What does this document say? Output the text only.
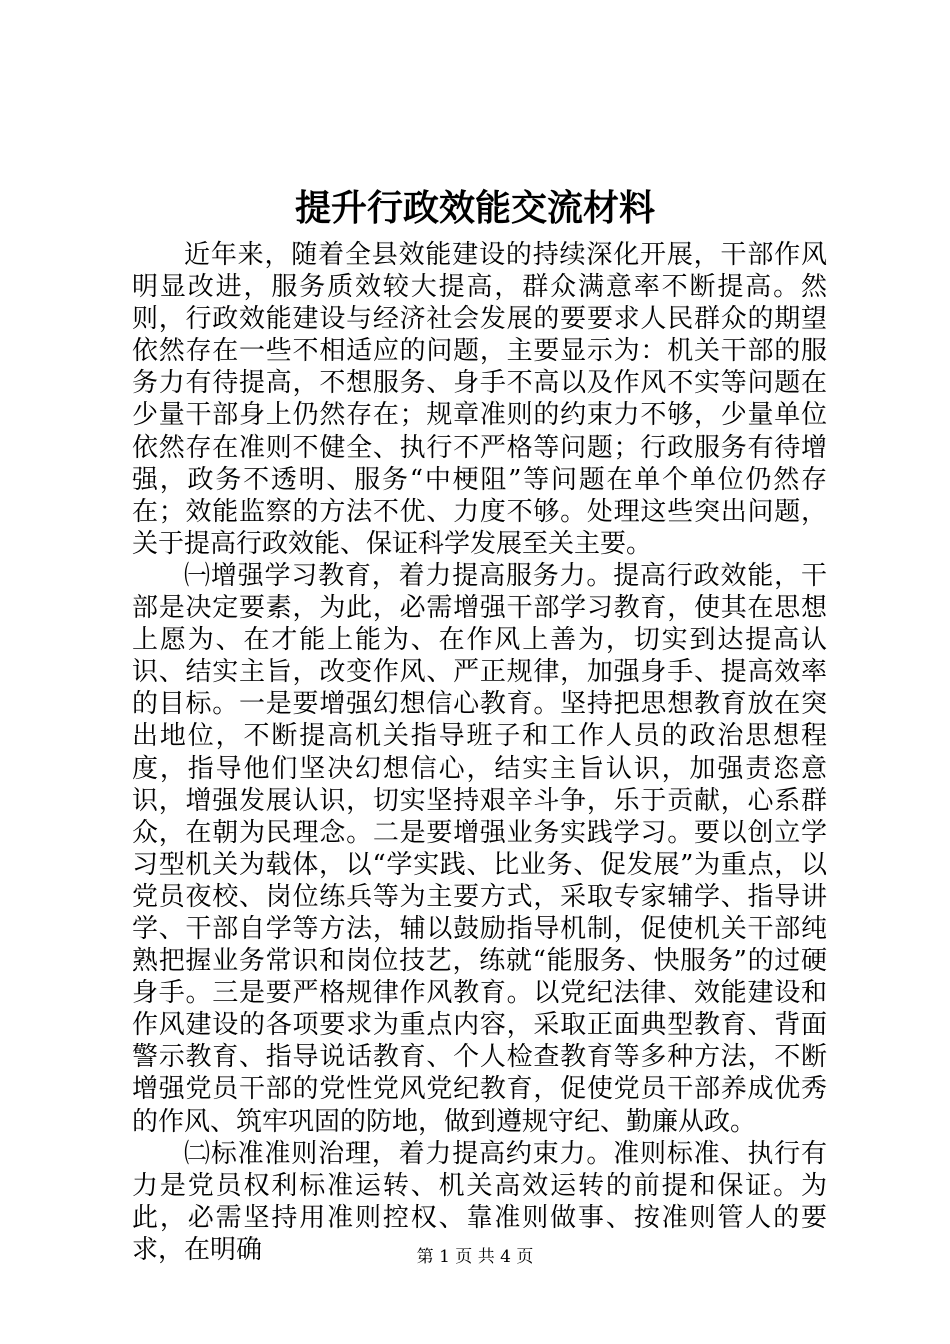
提升行政效能交流材料

近年来，随着全县效能建设的持续深化开展，干部作风明显改进，服务质效较大提高，群众满意率不断提高。然则，行政效能建设与经济社会发展的要要求人民群众的期望依然存在一些不相适应的问题，主要显示为：机关干部的服务力有待提高，不想服务、身手不高以及作风不实等问题在少量干部身上仍然存在；规章准则的约束力不够，少量单位依然存在准则不健全、执行不严格等问题；行政服务有待增强，政务不透明、服务“中梗阻”等问题在单个单位仍然存在；效能监察的方法不优、力度不够。处理这些突出问题，关于提高行政效能、保证科学发展至关主要。

㈠增强学习教育，着力提高服务力。提高行政效能，干部是决定要素，为此，必需增强干部学习教育，使其在思想上愿为、在才能上能为、在作风上善为，切实到达提高认识、结实主旨，改变作风、严正规律，加强身手、提高效率的目标。一是要增强幻想信心教育。坚持把思想教育放在突出地位，不断提高机关指导班子和工作人员的政治思想程度，指导他们坚决幻想信心，结实主旨认识，加强责恣意识，增强发展认识，切实坚持艰辛斗争，乐于贡献，心系群众，在朝为民理念。二是要增强业务实践学习。要以创立学习型机关为载体，以“学实践、比业务、促发展”为重点，以党员夜校、岗位练兵等为主要方式，采取专家辅学、指导讲学、干部自学等方法，辅以鼓励指导机制，促使机关干部纯熟把握业务常识和岗位技艺，练就“能服务、快服务”的过硬身手。三是要严格规律作风教育。以党纪法律、效能建设和作风建设的各项要求为重点内容，采取正面典型教育、背面警示教育、指导说话教育、个人检查教育等多种方法，不断增强党员干部的党性党风党纪教育，促使党员干部养成优秀的作风、筑牢巩固的防地，做到遵规守纪、勤廉从政。

㈡标准准则治理，着力提高约束力。准则标准、执行有力是党员权利标准运转、机关高效运转的前提和保证。为此，必需坚持用准则控权、靠准则做事、按准则管人的要求，在明确	第 1 页 共 4 页
